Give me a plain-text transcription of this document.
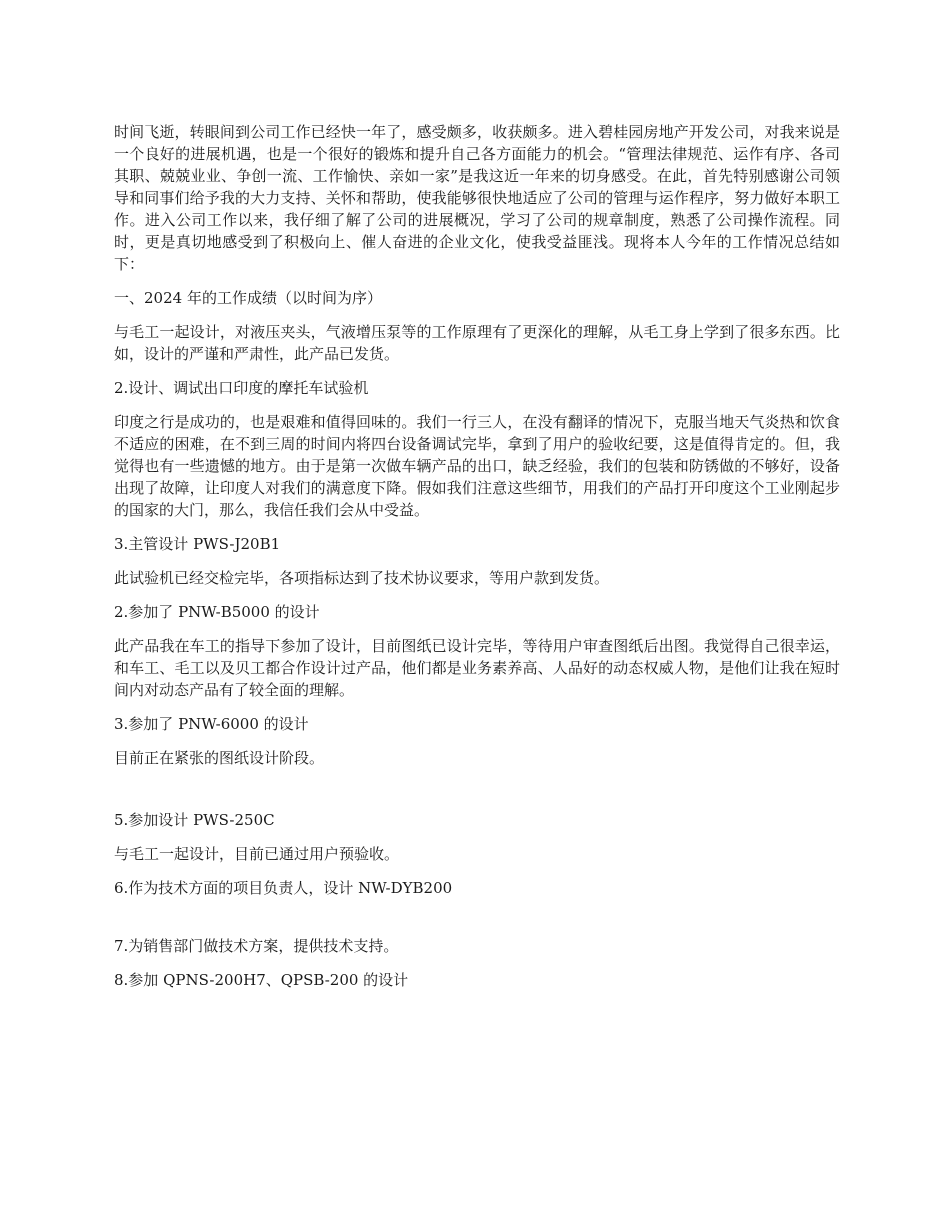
时间飞逝，转眼间到公司工作已经快一年了，感受颇多，收获颇多。进入碧桂园房地产开发公司，对我来说是一个良好的进展机遇，也是一个很好的锻炼和提升自己各方面能力的机会。“管理法律规范、运作有序、各司其职、兢兢业业、争创一流、工作愉快、亲如一家”是我这近一年来的切身感受。在此，首先特别感谢公司领导和同事们给予我的大力支持、关怀和帮助，使我能够很快地适应了公司的管理与运作程序，努力做好本职工作。进入公司工作以来，我仔细了解了公司的进展概况，学习了公司的规章制度，熟悉了公司操作流程。同时，更是真切地感受到了积极向上、催人奋进的企业文化，使我受益匪浅。现将本人今年的工作情况总结如下：

一、2024 年的工作成绩（以时间为序）

与毛工一起设计，对液压夹头，气液增压泵等的工作原理有了更深化的理解，从毛工身上学到了很多东西。比如，设计的严谨和严肃性，此产品已发货。

2.设计、调试出口印度的摩托车试验机

印度之行是成功的，也是艰难和值得回味的。我们一行三人，在没有翻译的情况下，克服当地天气炎热和饮食不适应的困难，在不到三周的时间内将四台设备调试完毕，拿到了用户的验收纪要，这是值得肯定的。但，我觉得也有一些遗憾的地方。由于是第一次做车辆产品的出口，缺乏经验，我们的包装和防锈做的不够好，设备出现了故障，让印度人对我们的满意度下降。假如我们注意这些细节，用我们的产品打开印度这个工业刚起步的国家的大门，那么，我信任我们会从中受益。

3.主管设计 PWS-J20B1

此试验机已经交检完毕，各项指标达到了技术协议要求，等用户款到发货。

2.参加了 PNW-B5000 的设计

此产品我在车工的指导下参加了设计，目前图纸已设计完毕，等待用户审查图纸后出图。我觉得自己很幸运，和车工、毛工以及贝工都合作设计过产品，他们都是业务素养高、人品好的动态权威人物，是他们让我在短时间内对动态产品有了较全面的理解。

3.参加了 PNW-6000 的设计

目前正在紧张的图纸设计阶段。

5.参加设计 PWS-250C

与毛工一起设计，目前已通过用户预验收。

6.作为技术方面的项目负责人，设计 NW-DYB200

7.为销售部门做技术方案，提供技术支持。

8.参加 QPNS-200H7、QPSB-200 的设计
